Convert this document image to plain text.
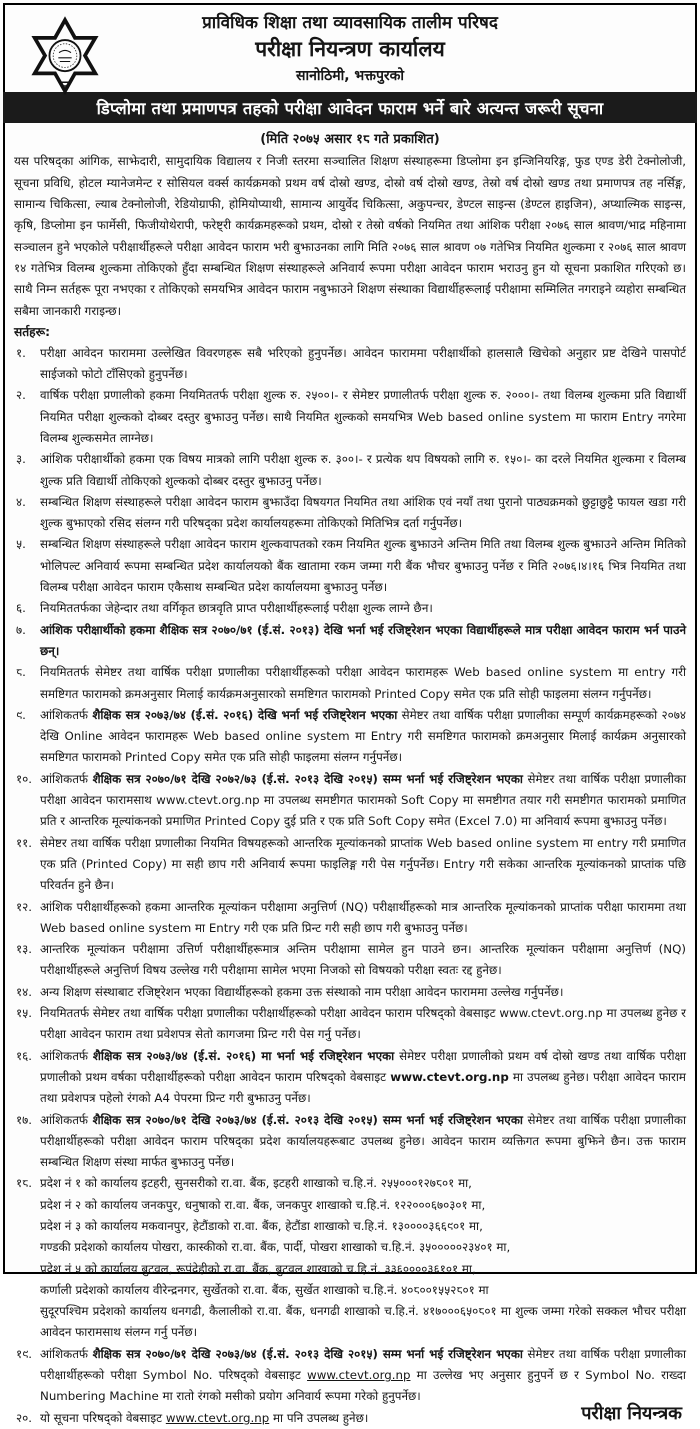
प्राविधिक शिक्षा तथा व्यावसायिक तालीम परिषद
परीक्षा नियन्त्रण कार्यालय
सानोठिमी, भक्तपुरको
डिप्लोमा तथा प्रमाणपत्र तहको परीक्षा आवेदन फाराम भर्ने बारे अत्यन्त जरूरी सूचना
(मिति २०७५ असार १८ गते प्रकाशित)

यस परिषद्का आंगिक, साझेदारी, सामुदायिक विद्यालय र निजी स्तरमा सञ्चालित शिक्षण संस्थाहरूमा डिप्लोमा इन इन्जिनियरिङ्ग, फुड एण्ड डेरी टेक्नोलोजी, सूचना प्रविधि, होटल म्यानेजमेन्ट र सोसियल वर्क्स कार्यक्रमको प्रथम वर्ष दोस्रो खण्ड, दोस्रो वर्ष दोस्रो खण्ड, तेस्रो वर्ष दोस्रो खण्ड तथा प्रमाणपत्र तह नर्सिङ्ग, सामान्य चिकित्सा, ल्याब टेक्नोलोजी, रेडियोग्राफी, होमियोप्याथी, सामान्य आयुर्वेद चिकित्सा, अकुपन्चर, डेण्टल साइन्स (डेण्टल हाइजिन), अप्थाल्मिक साइन्स, कृषि, डिप्लोमा इन फार्मेसी, फिजीयोथेरापी, फरेष्ट्री कार्यक्रमहरूको प्रथम, दोस्रो र तेस्रो वर्षको नियमित तथा आंशिक परीक्षा २०७६ साल श्रावण/भाद्र महिनामा सञ्चालन हुने भएकोले परीक्षार्थीहरूले परीक्षा आवेदन फाराम भरी बुझाउनका लागि मिति २०७६ साल श्रावण ०७ गतेभित्र नियमित शुल्कमा र २०७६ साल श्रावण १४ गतेभित्र विलम्ब शुल्कमा तोकिएको हुँदा सम्बन्धित शिक्षण संस्थाहरूले अनिवार्य रूपमा परीक्षा आवेदन फाराम भराउनु हुन यो सूचना प्रकाशित गरिएको छ। साथै निम्न सर्तहरू पूरा नभएका र तोकिएको समयभित्र आवेदन फाराम नबुझाउने शिक्षण संस्थाका विद्यार्थीहरूलाई परीक्षामा सम्मिलित नगराइने व्यहोरा सम्बन्धित सबैमा जानकारी गराइन्छ।

सर्तहरू:
१.	परीक्षा आवेदन फाराममा उल्लेखित विवरणहरू सबै भरिएको हुनुपर्नेछ। आवेदन फाराममा परीक्षार्थीको हालसालै खिचेको अनुहार प्रष्ट देखिने पासपोर्ट साईजको फोटो टाँसिएको हुनुपर्नेछ।
२.	वार्षिक परीक्षा प्रणालीको हकमा नियमिततर्फ परीक्षा शुल्क रु. २५००।- र सेमेष्टर प्रणालीतर्फ परीक्षा शुल्क रु. २०००।- तथा विलम्ब शुल्कमा प्रति विद्यार्थी नियमित परीक्षा शुल्कको दोब्बर दस्तुर बुझाउनु पर्नेछ। साथै नियमित शुल्कको समयभित्र Web based online system मा फाराम Entry नगरेमा विलम्ब शुल्कसमेत लाग्नेछ।
३.	आंशिक परीक्षार्थीको हकमा एक विषय मात्रको लागि परीक्षा शुल्क रु. ३००।- र प्रत्येक थप विषयको लागि रु. १५०।- का दरले नियमित शुल्कमा र विलम्ब शुल्क प्रति विद्यार्थी तोकिएको शुल्कको दोब्बर दस्तुर बुझाउनु पर्नेछ।
४.	सम्बन्धित शिक्षण संस्थाहरूले परीक्षा आवेदन फाराम बुझाउँदा विषयगत नियमित तथा आंशिक एवं नयाँ तथा पुरानो पाठ्यक्रमको छुट्टाछुट्टै फायल खडा गरी शुल्क बुझाएको रसिद संलग्न गरी परिषद्का प्रदेश कार्यालयहरूमा तोकिएको मितिभित्र दर्ता गर्नुपर्नेछ।
५.	सम्बन्धित शिक्षण संस्थाहरूले परीक्षा आवेदन फाराम शुल्कवापतको रकम नियमित शुल्क बुझाउने अन्तिम मिति तथा विलम्ब शुल्क बुझाउने अन्तिम मितिको भोलिपल्ट अनिवार्य रूपमा सम्बन्धित प्रदेश कार्यालयको बैंक खातामा रकम जम्मा गरी बैंक भौचर बुझाउनु पर्नेछ र मिति २०७६।४।१६ भित्र नियमित तथा विलम्ब परीक्षा आवेदन फाराम एकैसाथ सम्बन्धित प्रदेश कार्यालयमा बुझाउनु पर्नेछ।
६.	नियमिततर्फका जेहेन्दार तथा वर्गिकृत छात्रवृति प्राप्त परीक्षार्थीहरूलाई परीक्षा शुल्क लाग्ने छैन।
७.	आंशिक परीक्षार्थीको हकमा शैक्षिक सत्र २०७०/७१ (ई.सं. २०१३) देखि भर्ना भई रजिष्ट्रेशन भएका विद्यार्थीहरूले मात्र परीक्षा आवेदन फाराम भर्न पाउने छन्।
८.	नियमिततर्फ सेमेष्टर तथा वार्षिक परीक्षा प्रणालीका परीक्षार्थीहरूको परीक्षा आवेदन फारामहरू Web based online system मा entry गरी समष्टिगत फारामको क्रमअनुसार मिलाई कार्यक्रमअनुसारको समष्टिगत फारामको Printed Copy समेत एक प्रति सोही फाइलमा संलग्न गर्नुपर्नेछ।
९.	आंशिकतर्फ शैक्षिक सत्र २०७३/७४ (ई.सं. २०१६) देखि भर्ना भई रजिष्ट्रेशन भएका सेमेष्टर तथा वार्षिक परीक्षा प्रणालीका सम्पूर्ण कार्यक्रमहरूको २०७४ देखि Online आवेदन फारामहरू Web based online system मा Entry गरी समष्टिगत फारामको क्रमअनुसार मिलाई कार्यक्रम अनुसारको समष्टिगत फारामको Printed Copy समेत एक प्रति सोही फाइलमा संलग्न गर्नुपर्नेछ।
१०. आंशिकतर्फ शैक्षिक सत्र २०७०/७१ देखि २०७२/७३ (ई.सं. २०१३ देखि २०१५) सम्म भर्ना भई रजिष्ट्रेशन भएका सेमेष्टर तथा वार्षिक परीक्षा प्रणालीका परीक्षा आवेदन फारामसाथ www.ctevt.org.np मा उपलब्ध समष्टीगत फारामको Soft Copy मा समष्टीगत तयार गरी समष्टीगत फारामको प्रमाणित प्रति र आन्तरिक मूल्यांकनको प्रमाणित Printed Copy दुई प्रति र एक प्रति Soft Copy समेत (Excel 7.0) मा अनिवार्य रूपमा बुझाउनु पर्नेछ।
११. सेमेष्टर तथा वार्षिक परीक्षा प्रणालीका नियमित विषयहरूको आन्तरिक मूल्यांकनको प्राप्तांक Web based online system मा entry गरी प्रमाणित एक प्रति (Printed Copy) मा सही छाप गरी अनिवार्य रूपमा फाइलिङ्ग गरी पेस गर्नुपर्नेछ। Entry गरी सकेका आन्तरिक मूल्यांकनको प्राप्तांक पछि परिवर्तन हुने छैन।
१२. आंशिक परीक्षार्थीहरूको हकमा आन्तरिक मूल्यांकन परीक्षामा अनुत्तिर्ण (NQ) परीक्षार्थीहरूको मात्र आन्तरिक मूल्यांकनको प्राप्तांक परीक्षा फाराममा तथा Web based online system मा Entry गरी एक प्रति प्रिन्ट गरी सही छाप गरी बुझाउनु पर्नेछ।
१३. आन्तरिक मूल्यांकन परीक्षामा उत्तिर्ण परीक्षार्थीहरूमात्र अन्तिम परीक्षामा सामेल हुन पाउने छन। आन्तरिक मूल्यांकन परीक्षामा अनुत्तिर्ण (NQ) परीक्षार्थीहरूले अनुत्तिर्ण विषय उल्लेख गरी परीक्षामा सामेल भएमा निजको सो विषयको परीक्षा स्वतः रद्द हुनेछ।
१४. अन्य शिक्षण संस्थाबाट रजिष्ट्रेशन भएका विद्यार्थीहरूको हकमा उक्त संस्थाको नाम परीक्षा आवेदन फाराममा उल्लेख गर्नुपर्नेछ।
१५. नियमिततर्फ सेमेष्टर तथा वार्षिक परीक्षा प्रणालीका परीक्षार्थीहरूको परीक्षा आवेदन फाराम परिषद्को वेबसाइट www.ctevt.org.np मा उपलब्ध हुनेछ र परीक्षा आवेदन फाराम तथा प्रवेशपत्र सेतो कागजमा प्रिन्ट गरी पेस गर्नु पर्नेछ।
१६. आंशिकतर्फ शैक्षिक सत्र २०७३/७४ (ई.सं. २०१६) मा भर्ना भई रजिष्ट्रेशन भएका सेमेष्टर परीक्षा प्रणालीको प्रथम वर्ष दोस्रो खण्ड तथा वार्षिक परीक्षा प्रणालीको प्रथम वर्षका परीक्षार्थीहरूको परीक्षा आवेदन फाराम परिषद्को वेबसाइट www.ctevt.org.np मा उपलब्ध हुनेछ। परीक्षा आवेदन फाराम तथा प्रवेशपत्र पहेलो रंगको A4 पेपरमा प्रिन्ट गरी बुझाउनु पर्नेछ।
१७. आंशिकतर्फ शैक्षिक सत्र २०७०/७१ देखि २०७३/७४ (ई.सं. २०१३ देखि २०१५) सम्म भर्ना भई रजिष्ट्रेशन भएका सेमेष्टर तथा वार्षिक परीक्षा प्रणालीका परीक्षार्थीहरूको परीक्षा आवेदन फाराम परिषद्का प्रदेश कार्यालयहरूबाट उपलब्ध हुनेछ। आवेदन फाराम व्यक्तिगत रूपमा बुझिने छैन। उक्त फाराम सम्बन्धित शिक्षण संस्था मार्फत बुझाउनु पर्नेछ।
१८. प्रदेश नं १ को कार्यालय इटहरी, सुनसरीको रा.वा. बैंक, इटहरी शाखाको च.हि.नं. २५५०००१२७८०१ मा,
प्रदेश नं २ को कार्यालय जनकपुर, धनुषाको रा.वा. बैंक, जनकपुर शाखाको च.हि.नं. १२२०००६७०३०१ मा,
प्रदेश नं ३ को कार्यालय मकवानपुर, हेटौंडाको रा.वा. बैंक, हेटौंडा शाखाको च.हि.नं. १३००००३६६९०१ मा,
गण्डकी प्रदेशको कार्यालय पोखरा, कास्कीको रा.वा. बैंक, पार्दी, पोखरा शाखाको च.हि.नं. ३५०००००२३४०१ मा,
प्रदेश नं ५ को कार्यालय बुटवल, रूपंदेहीको रा.वा. बैंक, बुटवल शाखाको च.हि.नं. ३३६००००३६१०१ मा,
कर्णाली प्रदेशको कार्यालय वीरेन्द्रनगर, सुर्खेतको रा.वा. बैंक, सुर्खेत शाखाको च.हि.नं. ४०८००१५५२८०१ मा
सुदूरपश्चिम प्रदेशको कार्यालय धनगढी, कैलालीको रा.वा. बैंक, धनगढी शाखाको च.हि.नं. ४१७०००६५०८०१ मा शुल्क जम्मा गरेको सक्कल भौचर परीक्षा आवेदन फारामसाथ संलग्न गर्नु पर्नेछ।
१९. आंशिकतर्फ शैक्षिक सत्र २०७०/७१ देखि २०७३/७४ (ई.सं. २०१३ देखि २०१५) सम्म भर्ना भई रजिष्ट्रेशन भएका सेमेष्टर तथा वार्षिक परीक्षा प्रणालीका परीक्षार्थीहरूको परीक्षा Symbol No. परिषद्को वेबसाइट www.ctevt.org.np मा उल्लेख भए अनुसार हुनुपर्ने छ र Symbol No. राख्दा Numbering Machine मा रातो रंगको मसीको प्रयोग अनिवार्य रूपमा गरेको हुनुपर्नेछ।
२०. यो सूचना परिषद्को वेबसाइट www.ctevt.org.np मा पनि उपलब्ध हुनेछ।	परीक्षा नियन्त्रक
